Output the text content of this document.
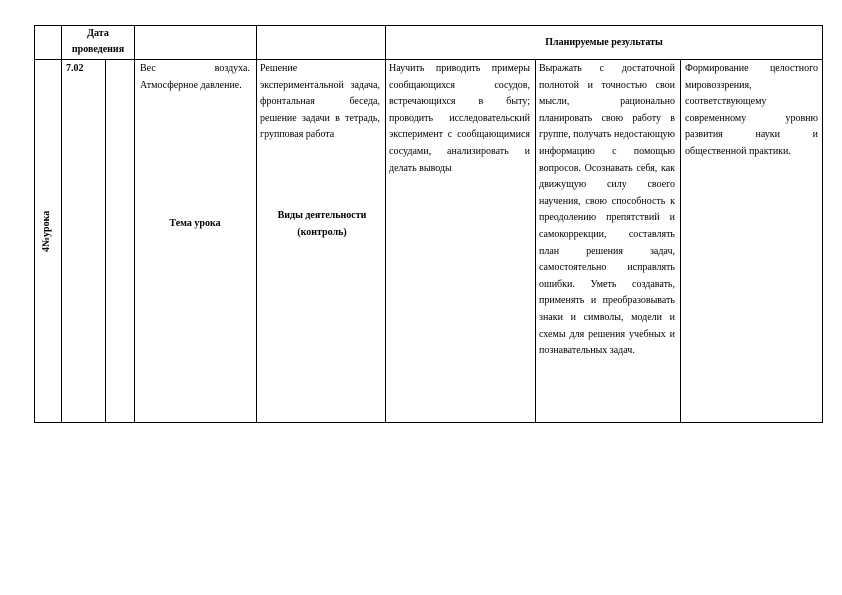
Дата проведения
Планируемые результаты
4№урока
7.02	Вес воздуха. Атмосферное давление.
Тема урока
Решение экспериментальной задача, фронтальная беседа, решение задачи в тетрадь, групповая работа
Виды деятельности (контроль)
Научить приводить примеры сообщающихся сосудов, встречающихся в быту; проводить исследовательский эксперимент с сообщающимися сосудами, анализировать и делать выводы
Выражать с достаточной полнотой и точностью свои мысли, рационально планировать свою работу в группе, получать недостающую информацию с помощью вопросов. Осознавать себя, как движущую силу своего научения, свою способность к преодолению препятствий и самокоррекции, составлять план решения задач, самостоятельно исправлять ошибки. Уметь создавать, применять и преобразовывать знаки и символы, модели и схемы для решения учебных и познавательных задач.
Формирование целостного мировоззрения, соответствующему современному уровню развития науки и общественной практики.
